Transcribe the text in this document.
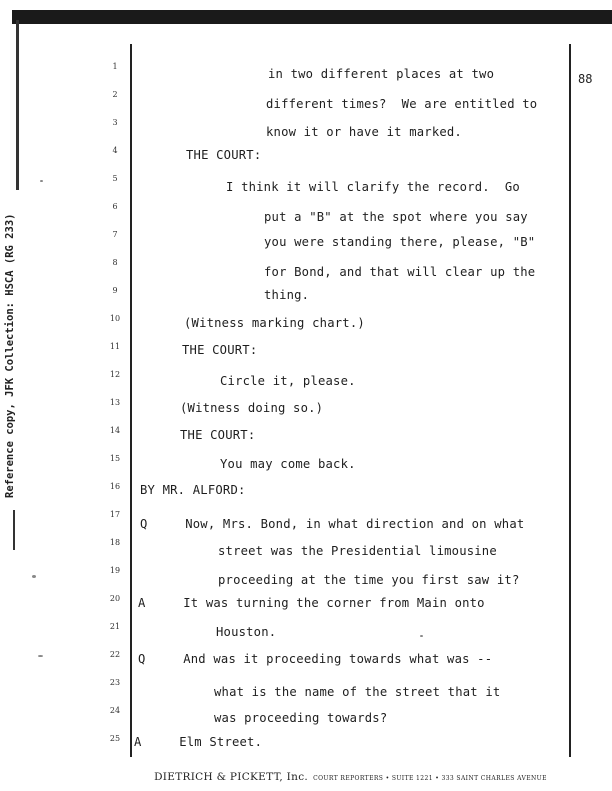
88
Reference copy, JFK Collection: HSCA (RG 233)
1
2
3
4
5
6
7
8
9
10
11
12
13
14
15
16
17
18
19
20
21
22
23
24
25
in two different places at two
different times?  We are entitled to
know it or have it marked.
THE COURT:
I think it will clarify the record.  Go
put a "B" at the spot where you say
you were standing there, please, "B"
for Bond, and that will clear up the
thing.
(Witness marking chart.)
THE COURT:
Circle it, please.
(Witness doing so.)
THE COURT:
You may come back.
BY MR. ALFORD:
Q     Now, Mrs. Bond, in what direction and on what
street was the Presidential limousine
proceeding at the time you first saw it?
A     It was turning the corner from Main onto
Houston.
Q     And was it proceeding towards what was --
what is the name of the street that it
was proceeding towards?
A     Elm Street.
DIETRICH & PICKETT, Inc. COURT REPORTERS • SUITE 1221 • 333 SAINT CHARLES AVENUE
